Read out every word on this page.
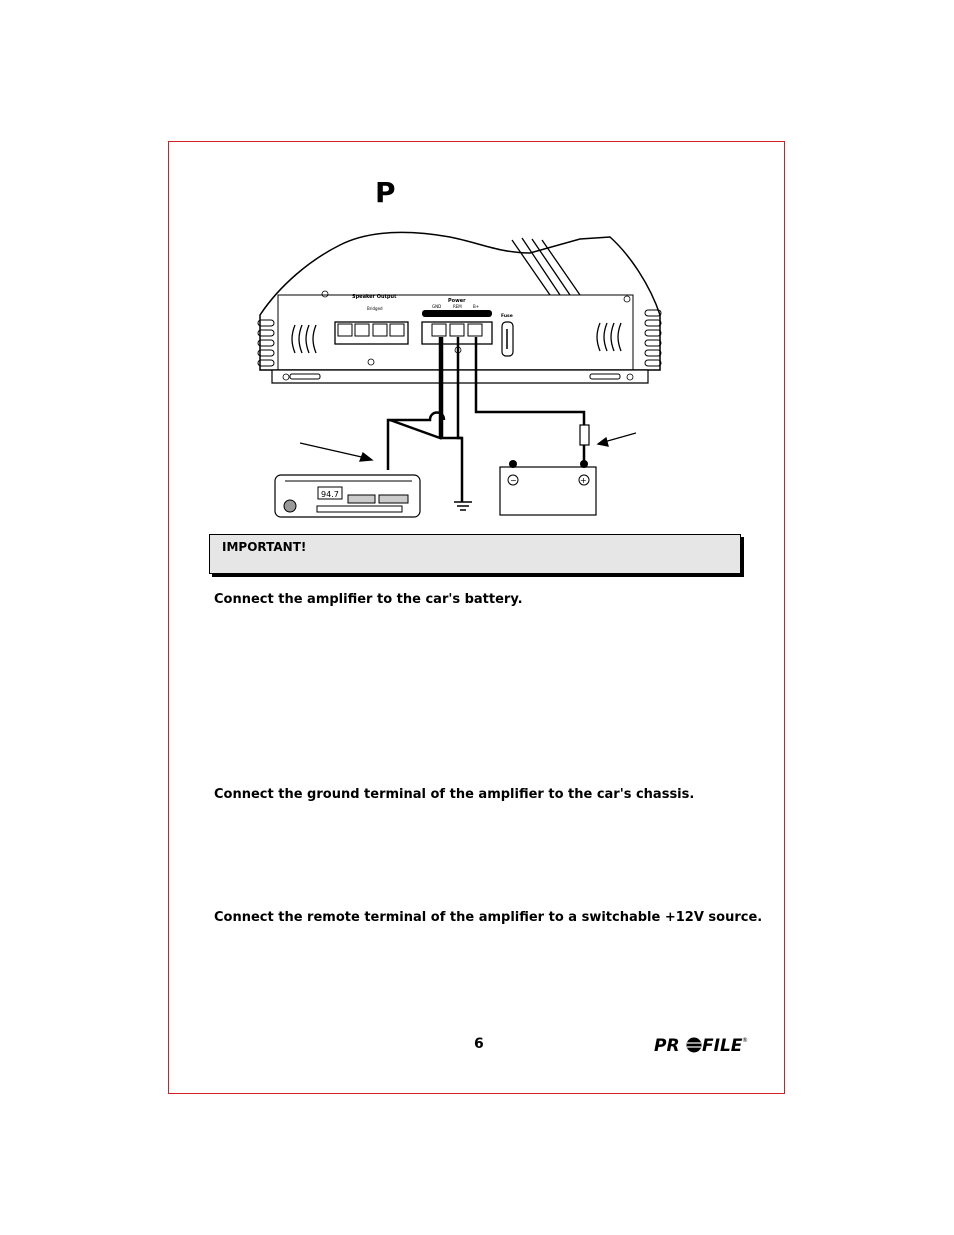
P
Speaker Output
Bridged
Power
GND	REM	B+
Fuse
−	+
94.7
IMPORTANT!
Connect the amplifier to the car's battery.
Connect the ground terminal of the amplifier to the car's chassis.
Connect the remote terminal of the amplifier to a switchable +12V source.
6	PR FILE ®
